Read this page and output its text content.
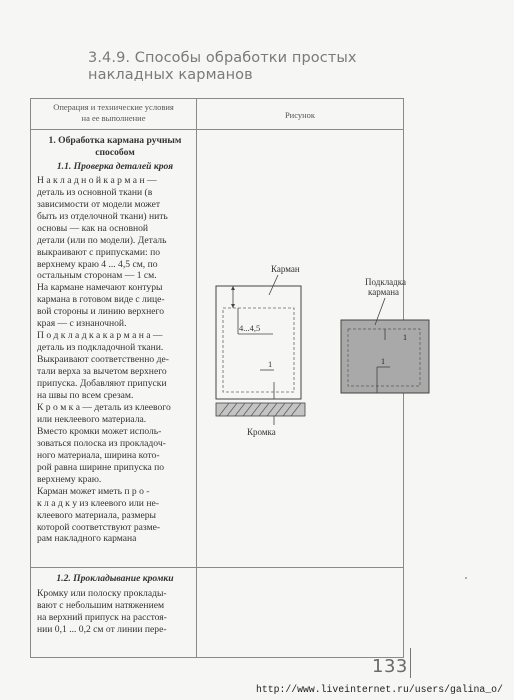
3.4.9. Способы обработки простых
накладных карманов
Операция и технические условия
на ее выполнение	Рисунок
1. Обработка кармана ручным
способом
1.1. Проверка деталей кроя
Н а к л а д н о й к а р м а н —
деталь из основной ткани (в
зависимости от модели может
быть из отделочной ткани) нить
основы — как на основной
детали (или по модели). Деталь
выкраивают с припусками: по
верхнему краю 4 ... 4,5 см, по
остальным сторонам — 1 см.
На кармане намечают контуры
кармана в готовом виде с лице-
вой стороны и линию верхнего
края — с изнаночной.
П о д к л а д к а к а р м а н а —
деталь из подкладочной ткани.
Выкраивают соответственно де-
тали верха за вычетом верхнего
припуска. Добавляют припуски
на швы по всем срезам.
К р о м к а — деталь из клеевого
или неклеевого материала.
Вместо кромки может исполь-
зоваться полоска из прокладоч-
ного материала, ширина кото-
рой равна ширине припуска по
верхнему краю.
Карман может иметь п р о -
к л а д к у из клеевого или не-
клеевого материала, размеры
которой соответствуют разме-
рам накладного кармана
1.2. Прокладывание кромки
Кромку или полоску проклады-
вают с небольшим натяжением
на верхний припуск на расстоя-
нии 0,1 ... 0,2 см от линии пере-
4...4,5
1
Карман
Кромка
Подкладка
кармана
1
1
133
http://www.liveinternet.ru/users/galina_o/
